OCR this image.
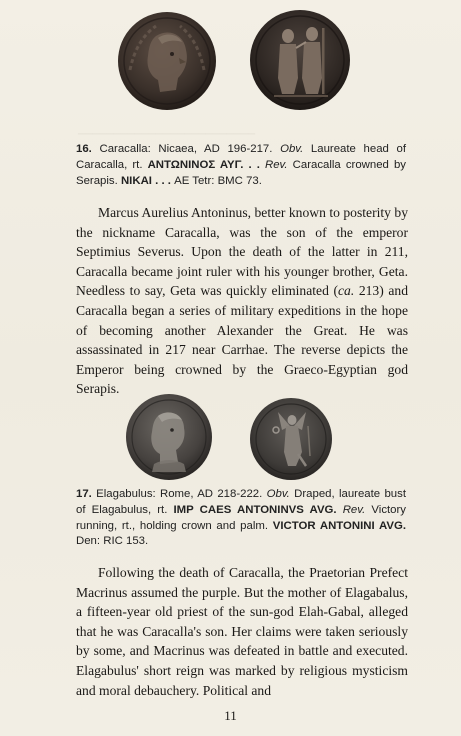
─────────────────────────
16. Caracalla: Nicaea, AD 196-217. Obv. Laureate head of Caracalla, rt. ΑΝΤΩΝΙΝΟΣ ΑΥΓ. . . Rev. Caracalla crowned by Serapis. ΝΙΚΑΙ . . . AE Tetr: BMC 73.

Marcus Aurelius Antoninus, better known to posterity by the nickname Caracalla, was the son of the emperor Septimius Severus. Upon the death of the latter in 211, Caracalla became joint ruler with his younger brother, Geta. Needless to say, Geta was quickly eliminated (ca. 213) and Caracalla began a series of military expeditions in the hope of becoming another Alexander the Great. He was assassinated in 217 near Carrhae. The reverse depicts the Emperor being crowned by the Graeco-Egyptian god Serapis.

17. Elagabulus: Rome, AD 218-222. Obv. Draped, laureate bust of Elagabulus, rt. IMP CAES ANTONINVS AVG. Rev. Victory running, rt., holding crown and palm. VICTOR ANTONINI AVG. Den: RIC 153.

Following the death of Caracalla, the Praetorian Prefect Macrinus assumed the purple. But the mother of Elagabalus, a fifteen-year old priest of the sun-god Elah-Gabal, alleged that he was Caracalla's son. Her claims were taken seriously by some, and Macrinus was defeated in battle and executed. Elagabulus' short reign was marked by religious mysticism and moral debauchery. Political and

11
